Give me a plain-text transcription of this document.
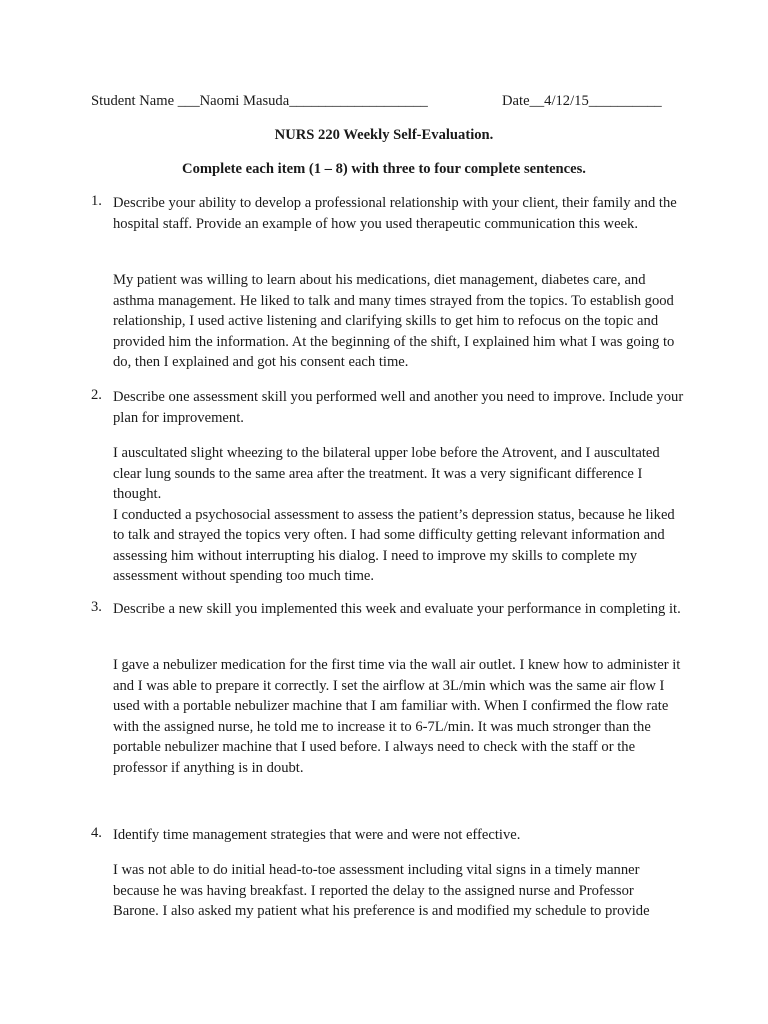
Student Name ___Naomi Masuda___________________

	Date__4/12/15__________

NURS 220 Weekly Self-Evaluation.
Complete each item (1 – 8) with three to four complete sentences.
1. Describe your ability to develop a professional relationship with your client, their family and the hospital staff. Provide an example of how you used therapeutic communication this week.

My patient was willing to learn about his medications, diet management, diabetes care, and asthma management. He liked to talk and many times strayed from the topics. To establish good relationship, I used active listening and clarifying skills to get him to refocus on the topic and provided him the information. At the beginning of the shift, I explained him what I was going to do, then I explained and got his consent each time.

2. Describe one assessment skill you performed well and another you need to improve. Include your plan for improvement.

I auscultated slight wheezing to the bilateral upper lobe before the Atrovent, and I auscultated clear lung sounds to the same area after the treatment. It was a very significant difference I thought.

I conducted a psychosocial assessment to assess the patient’s depression status, because he liked to talk and strayed the topics very often. I had some difficulty getting relevant information and assessing him without interrupting his dialog. I need to improve my skills to complete my assessment without spending too much time.

3. Describe a new skill you implemented this week and evaluate your performance in completing it.

I gave a nebulizer medication for the first time via the wall air outlet. I knew how to administer it and I was able to prepare it correctly. I set the airflow at 3L/min which was the same air flow I used with a portable nebulizer machine that I am familiar with. When I confirmed the flow rate with the assigned nurse, he told me to increase it to 6-7L/min. It was much stronger than the portable nebulizer machine that I used before. I always need to check with the staff or the professor if anything is in doubt.

4. Identify time management strategies that were and were not effective.

I was not able to do initial head-to-toe assessment including vital signs in a timely manner because he was having breakfast. I reported the delay to the assigned nurse and Professor Barone. I also asked my patient what his preference is and modified my schedule to provide
